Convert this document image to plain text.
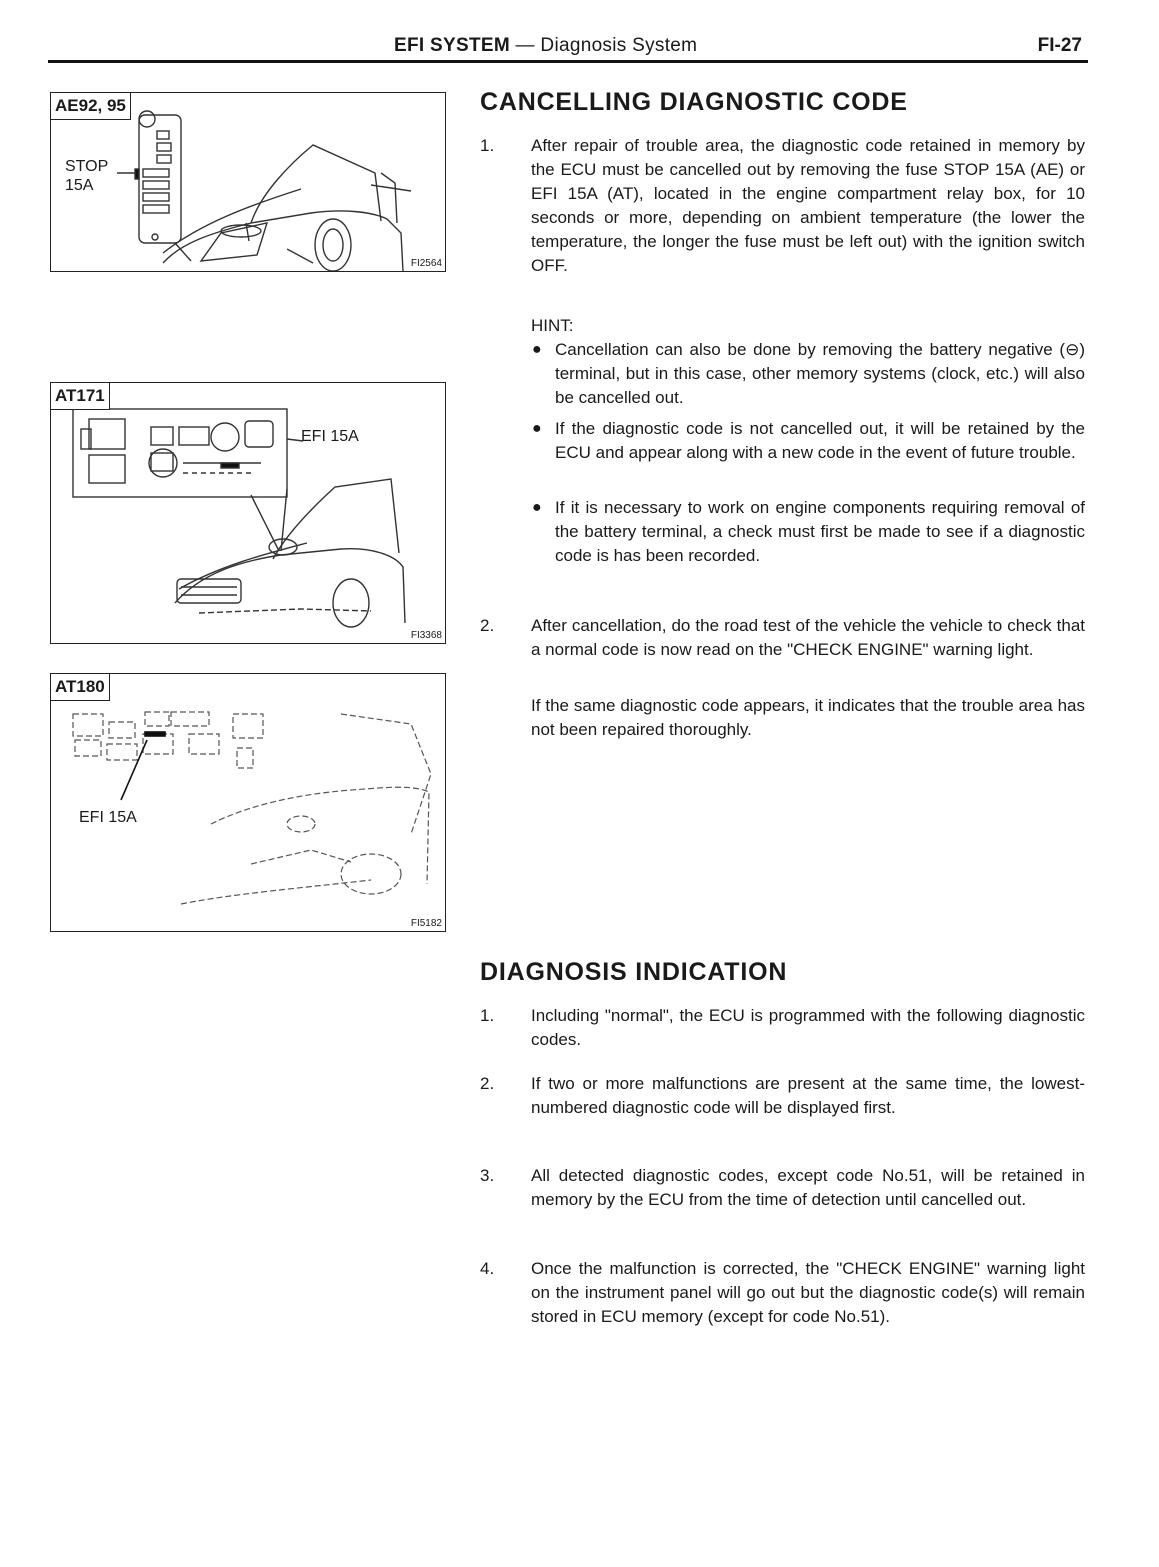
EFI SYSTEM — Diagnosis System	FI-27
AE92, 95
STOP
15A
FI2564
AT171
EFI 15A
FI3368
AT180
EFI 15A
FI5182
CANCELLING DIAGNOSTIC CODE
1. After repair of trouble area, the diagnostic code retained in memory by the ECU must be cancelled out by removing the fuse STOP 15A (AE) or EFI 15A (AT), located in the engine compartment relay box, for 10 seconds or more, depending on ambient temperature (the lower the temperature, the longer the fuse must be left out) with the ignition switch OFF.
HINT:
● Cancellation can also be done by removing the battery negative (⊖) terminal, but in this case, other memory systems (clock, etc.) will also be cancelled out.
● If the diagnostic code is not cancelled out, it will be retained by the ECU and appear along with a new code in the event of future trouble.
● If it is necessary to work on engine components requiring removal of the battery terminal, a check must first be made to see if a diagnostic code is has been recorded.
2. After cancellation, do the road test of the vehicle the vehicle to check that a normal code is now read on the "CHECK ENGINE" warning light.
If the same diagnostic code appears, it indicates that the trouble area has not been repaired thoroughly.
DIAGNOSIS INDICATION
1. Including "normal", the ECU is programmed with the following diagnostic codes.
2. If two or more malfunctions are present at the same time, the lowest-numbered diagnostic code will be displayed first.
3. All detected diagnostic codes, except code No.51, will be retained in memory by the ECU from the time of detection until cancelled out.
4. Once the malfunction is corrected, the "CHECK ENGINE" warning light on the instrument panel will go out but the diagnostic code(s) will remain stored in ECU memory (except for code No.51).
